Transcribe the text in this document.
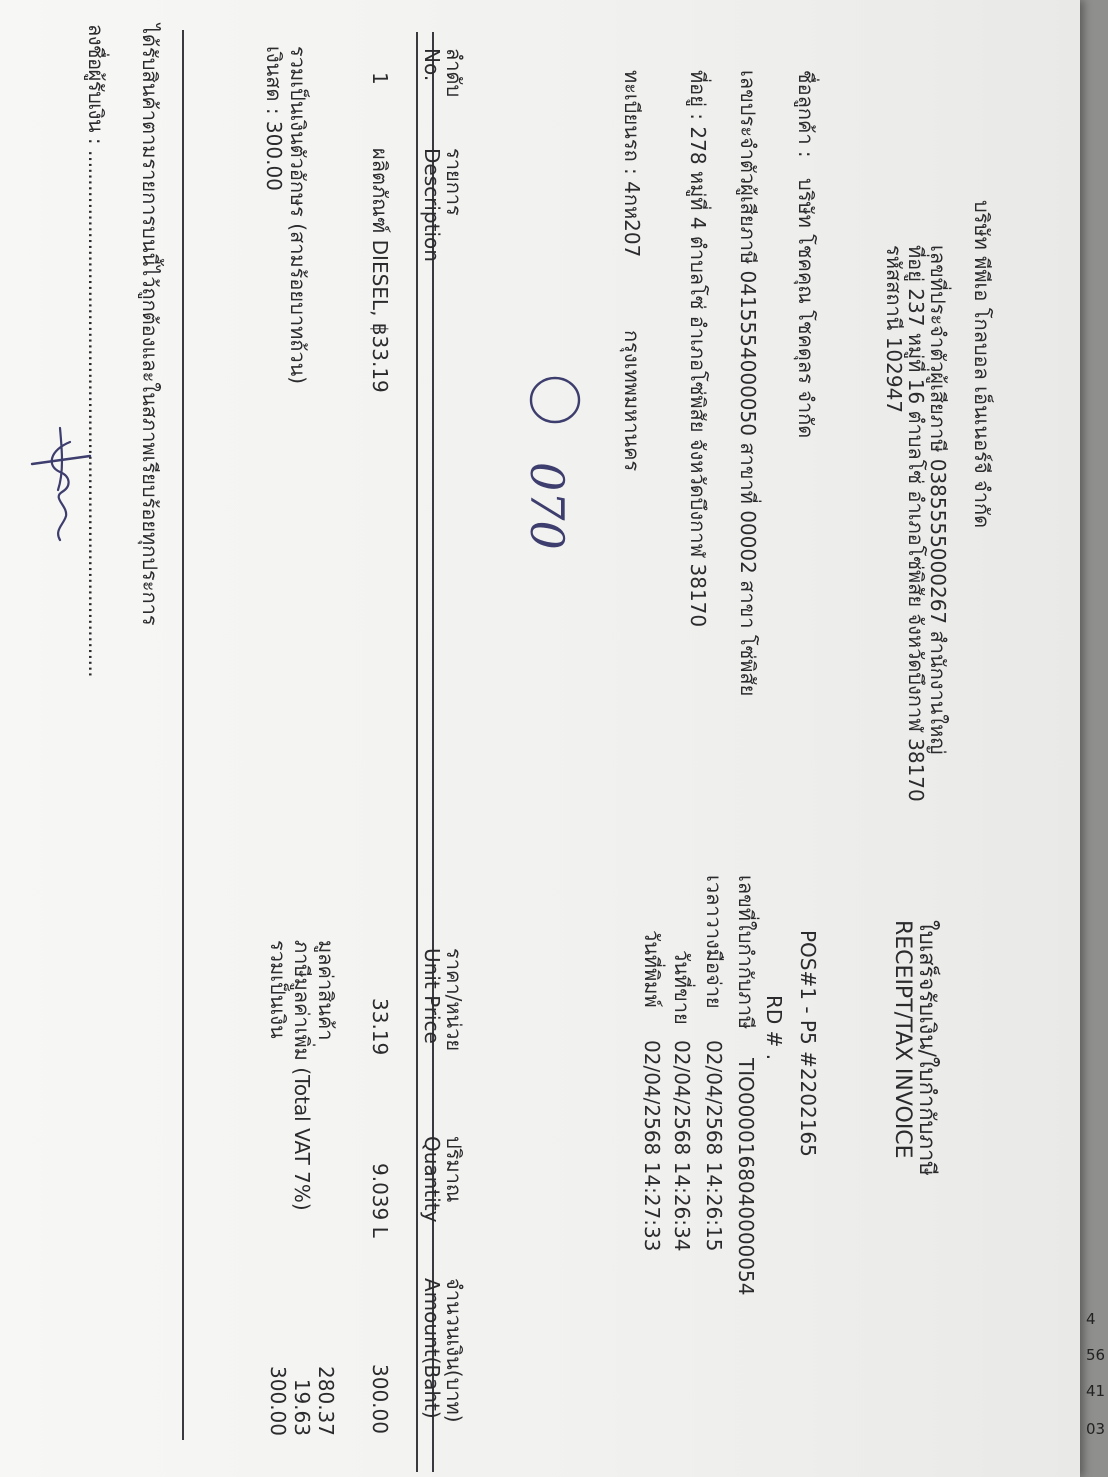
บริษัท พีพีเอ โกลบอล เอ็นเนอร์จี จำกัด
เลขที่ประจำตัวผู้เสียภาษี 0385555000267 สำนักงานใหญ่
ที่อยู่ 237 หมู่ที่ 16 ตำบลโซ่ อำเภอโซ่พิสัย จังหวัดบึงกาฬ 38170
รหัสสถานี 102947
ใบเสร็จรับเงิน/ใบกำกับภาษี
RECEIPT/TAX INVOICE
POS#1 - P5 #2202165
RD # .
เลขที่ใบกำกับภาษี
TIO0000168040000054
เวลาวางมือจ่าย
02/04/2568 14:26:15
วันที่ขาย
02/04/2568 14:26:34
วันที่พิมพ์
02/04/2568 14:27:33
ชื่อลูกค้า :
บริษัท โชคคุณ โชคดุลร จำกัด
เลขประจำตัวผู้เสียภาษี 0415554000050 สาขาที่ 00002 สาขา โซ่พิสัย
ที่อยู่ : 278 หมู่ที่ 4 ตำบลโซ่ อำเภอโซ่พิสัย จังหวัดบึงกาฬ 38170
ทะเบียนรถ : 4กห207
กรุงเทพมหานคร
070
ลำดับ
No.
รายการ
Description
ราคา/หน่วย
Unit Price
ปริมาณ
Quantity
จำนวนเงิน(บาท)
Amount(Baht)
1
ผลิตภัณฑ์ DIESEL, ฿33.19
33.19
9.039 L
300.00
รวมเป็นเงินตัวอักษร (สามร้อยบาทถ้วน)
เงินสด : 300.00
มูลค่าสินค้า
280.37
ภาษีมูลค่าเพิ่ม (Total VAT 7%)
19.63
รวมเป็นเงิน
300.00
ได้รับสินค้าตามรายการบนนี้ไว้ถูกต้องและในสภาพเรียบร้อยทุกประการ
ลงชื่อผู้รับเงิน : ..........................................................................................
03
41
56
4
